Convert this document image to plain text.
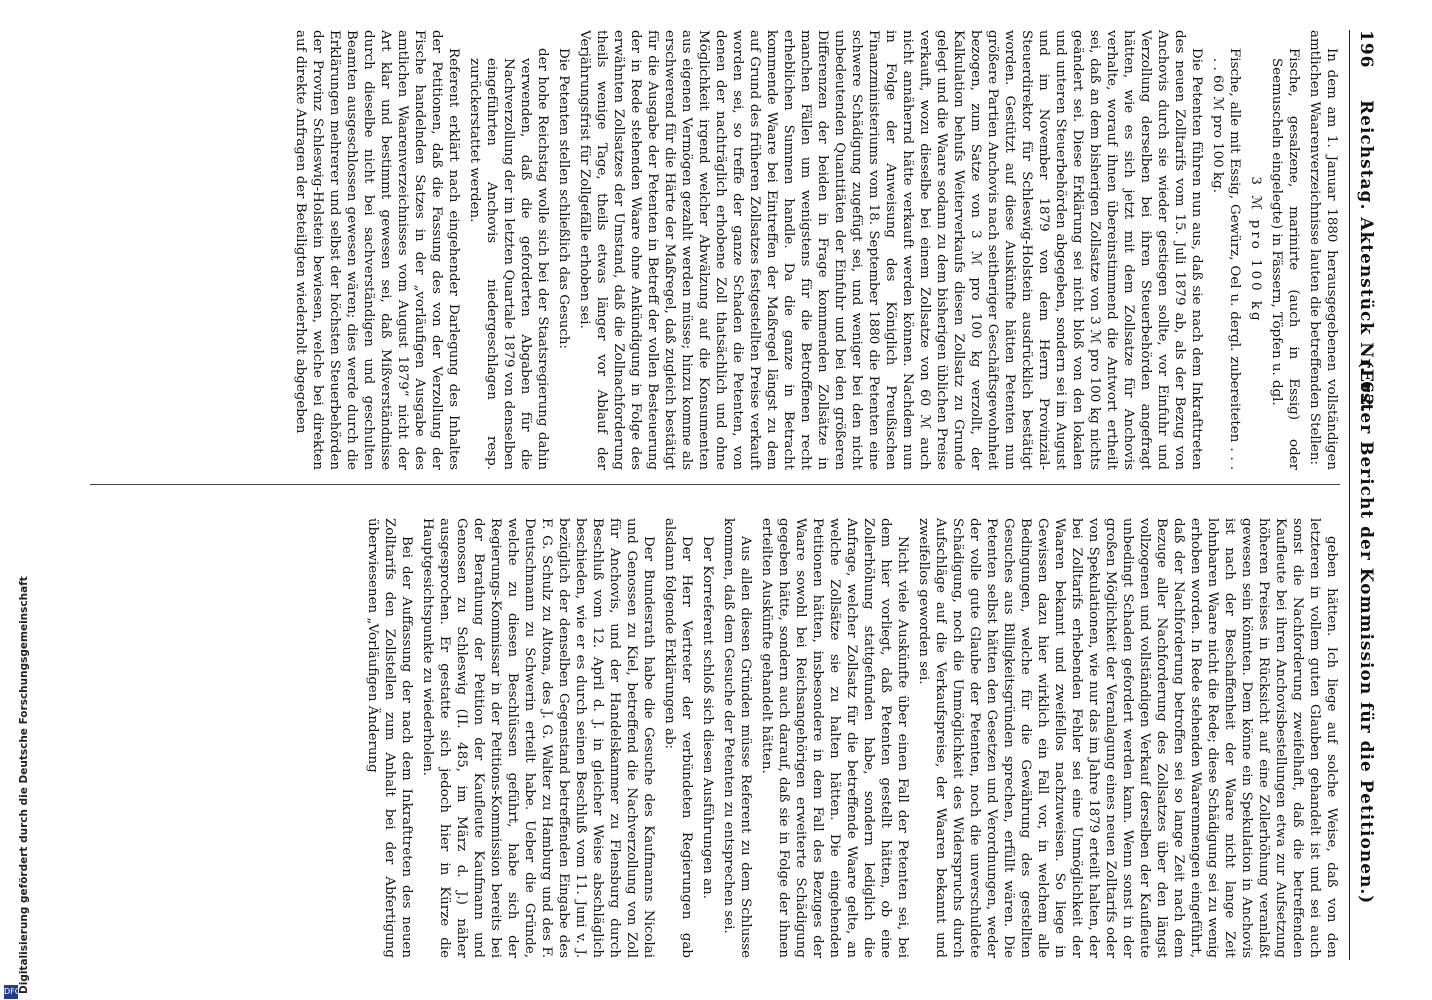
196
Reichstag. Aktenstück Nr. 62.
(Erster Bericht der Kommission für die Petitionen.)

In dem am 1. Januar 1880 herausgegebenen vollständigen amtlichen Waarenverzeichnisse lauten die betreffenden Stellen:

Fische, gesalzene, marinirte (auch in Essig) oder Seemuscheln eingelegte) in Fässern, Töpfen u. dgl.

3 ℳ pro 100 kg

Fische, alle mit Essig, Gewürz, Oel u. dergl. zubereiteten . . . . . 60 ℳ pro 100 kg.

Die Petenten führen nun aus, daß sie nach dem Inkrafttreten des neuen Zolltarifs vom 15. Juli 1879 ab, als der Bezug von Anchovis durch sie wieder gestiegen sollte, vor Einfuhr und Verzollung derselben bei ihren Steuerbehörden angefragt hätten, wie es sich jetzt mit dem Zollsatze für Anchovis verhalte, worauf ihnen übereinstimmend die Antwort ertheilt sei, daß an dem bisherigen Zollsatze von 3 ℳ pro 100 kg nichts geändert sei. Diese Erklärung sei nicht bloß von den lokalen und unteren Steuerbehörden abgegeben, sondern sei im August und im November 1879 von dem Herrn Provinzial-Steuerdirektor für Schleswig-Holstein ausdrücklich bestätigt worden. Gestützt auf diese Auskünfte hätten Petenten nun größere Partien Anchovis nach seitheriger Geschäftsgewohnheit bezogen, zum Satze von 3 ℳ pro 100 kg verzollt, der Kalkulation behufs Weiterverkaufs diesen Zollsatz zu Grunde gelegt und die Waare sodann zu dem bisherigen üblichen Preise verkauft, wozu dieselbe bei einem Zollsatze von 60 ℳ auch nicht annähernd hätte verkauft werden können. Nachdem nun in Folge der Anweisung des Königlich Preußischen Finanzministeriums vom 18. September 1880 die Petenten eine schwere Schädigung zugefügt sei, und weniger bei den nicht unbedeutenden Quantitäten der Einfuhr und bei den größeren Differenzen der beiden in Frage kommenden Zollsätze in manchen Fällen um wenigstens für die Betroffenen recht erheblichen Summen handle. Da die ganze in Betracht kommende Waare bei Eintreffen der Maßregel längst zu dem auf Grund des früheren Zollsatzes festgestellten Preise verkauft worden sei, so treffe der ganze Schaden die Petenten, von denen der nachträglich erhobene Zoll thatsächlich und ohne Möglichkeit irgend welcher Abwälzung auf die Konsumenten aus eigenen Vermögen gezahlt werden müsse; hinzu komme als erschwerend für die Härte der Maßregel, daß zugleich bestätigt für die Ausgabe der Petenten in Betreff der vollen Besteuerung der in Rede stehenden Waare ohne Ankündigung in Folge des erwähnten Zollsatzes der Umstand, daß die Zollnachforderung theils wenige Tage, theils etwas länger vor Ablauf der Verjährungsfrist für Zollgefälle erhoben sei.

Die Petenten stellen schließlich das Gesuch:

der hohe Reichstag wolle sich bei der Staatsregierung dahin verwenden, daß die geforderten Abgaben für die Nachverzollung der im letzten Quartale 1879 von denselben eingeführten Anchovis niedergeschlagen resp. zurückerstattet werden.

Referent erklärt nach eingehender Darlegung des Inhaltes der Petitionen, daß die Fassung des von der Verzollung der Fische handelnden Satzes in der „vorläufigen Ausgabe des amtlichen Waarenverzeichnisses vom August 1879“ nicht der Art klar und bestimmt gewesen sei, daß Mißverständnisse durch dieselbe nicht bei sachverständigen und geschulten Beamten ausgeschlossen gewesen wären; dies werde durch die Erklärungen mehrerer und selbst der höchsten Steuerbehörden der Provinz Schleswig-Holstein bewiesen, welche bei direkten auf direkte Anfragen der Beteiligten wiederholt abgegeben

geben hätten. Ich liege auf solche Weise, daß von den letzteren in vollem guten Glauben gehandelt ist und sei auch sonst die Nachforderung zweifelhaft, daß die betreffenden Kaufleute bei ihren Anchovisbestellungen etwa zur Aufsetzung höheren Preises in Rücksicht auf eine Zollerhöhung veranlaßt gewesen sein könnten. Dem könne ein Spekulation in Anchovis ist nach der Beschaffenheit der Waare nicht lange Zeit lohnbaren Waare nicht die Rede; diese Schädigung sei zu wenig erhoben worden. In Rede stehenden Waarenmengen eingeführt, daß der Nachforderung betroffen sei so lange Zeit nach dem Bezuge aller Nachforderung des Zollsatzes über den längst vollzogenen und vollständigen Verkauf derselben der Kaufleute unbedingt Schaden gefordert werden kann. Wenn sonst in der großen Möglichkeit der Veranlagung eines neuen Zolltarifs oder von Spekulationen, wie nur das im Jahre 1879 erteilt halten, der bei Zolltarifs erhebenden Fehler sei eine Unmöglichkeit der Waaren bekannt und zweifellos nachzuweisen. So liege in Gewissen dazu hier wirklich ein Fall vor, in welchem alle Bedingungen, welche für die Gewährung des gestellten Gesuches aus Billigkeitsgründen sprechen, erfüllt wären. Die Petenten selbst hätten den Gesetzen und Verordnungen, weder der volle gute Glaube der Petenten, noch die unverschuldete Schädigung, noch die Unmöglichkeit des Widerspruchs durch Aufschläge auf die Verkaufspreise, der Waaren bekannt und zweifellos geworden sei.

Nicht viele Auskünfte über einen Fall der Petenten sei, bei dem hier vorliegt, daß Petenten gestellt hätten, ob eine Zollerhöhung stattgefunden habe, sondern lediglich die Anfrage, welcher Zollsatz für die betreffende Waare gelte, an welche Zollsätze sie zu halten hätten. Die eingehenden Petitionen hätten, insbesondere in dem Fall des Bezuges der Waare sowohl bei Reichsangehörigen erweiterte Schädigung gegeben hätte, sondern auch darauf, daß sie in Folge der ihnen erteilten Auskünfte gehandelt hätten.

Aus allen diesen Gründen müsse Referent zu dem Schlusse kommen, daß dem Gesuche der Petenten zu entsprechen sei.

Der Korreferent schloß sich diesen Ausführungen an.

Der Herr Vertreter der verbündeten Regierungen gab alsdann folgende Erklärungen ab:

Der Bundesrath habe die Gesuche des Kaufmanns Nicolai und Genossen zu Kiel, betreffend die Nachverzollung von Zoll für Anchovis, und der Handelskammer zu Flensburg durch Beschluß vom 12. April d. J. in gleicher Weise abschläglich beschieden, wie er es durch seinen Beschluß vom 11. Juni v. J. bezüglich der denselben Gegenstand betreffenden Eingabe des F. G. Schulz zu Altona, des J. G. Walter zu Hamburg und des F. Deutschmann zu Schwerin erteilt habe. Ueber die Gründe, welche zu diesen Beschlüssen geführt, habe sich der Regierungs-Kommissar in der Petitions-Kommission bereits bei der Berathung der Petition der Kaufleute Kaufmann und Genossen zu Schleswig (II. 485, im März d. J.) näher ausgesprochen. Er gestatte sich jedoch hier in Kürze die Hauptgesichtspunkte zu wiederholen.

Bei der Auffassung der nach dem Inkrafttreten des neuen Zolltarifs den Zollstellen zum Anhalt bei der Abfertigung überwiesenen „Vorläufigen Änderung

DFG
Digitalisierung gefördert durch die Deutsche Forschungsgemeinschaft
